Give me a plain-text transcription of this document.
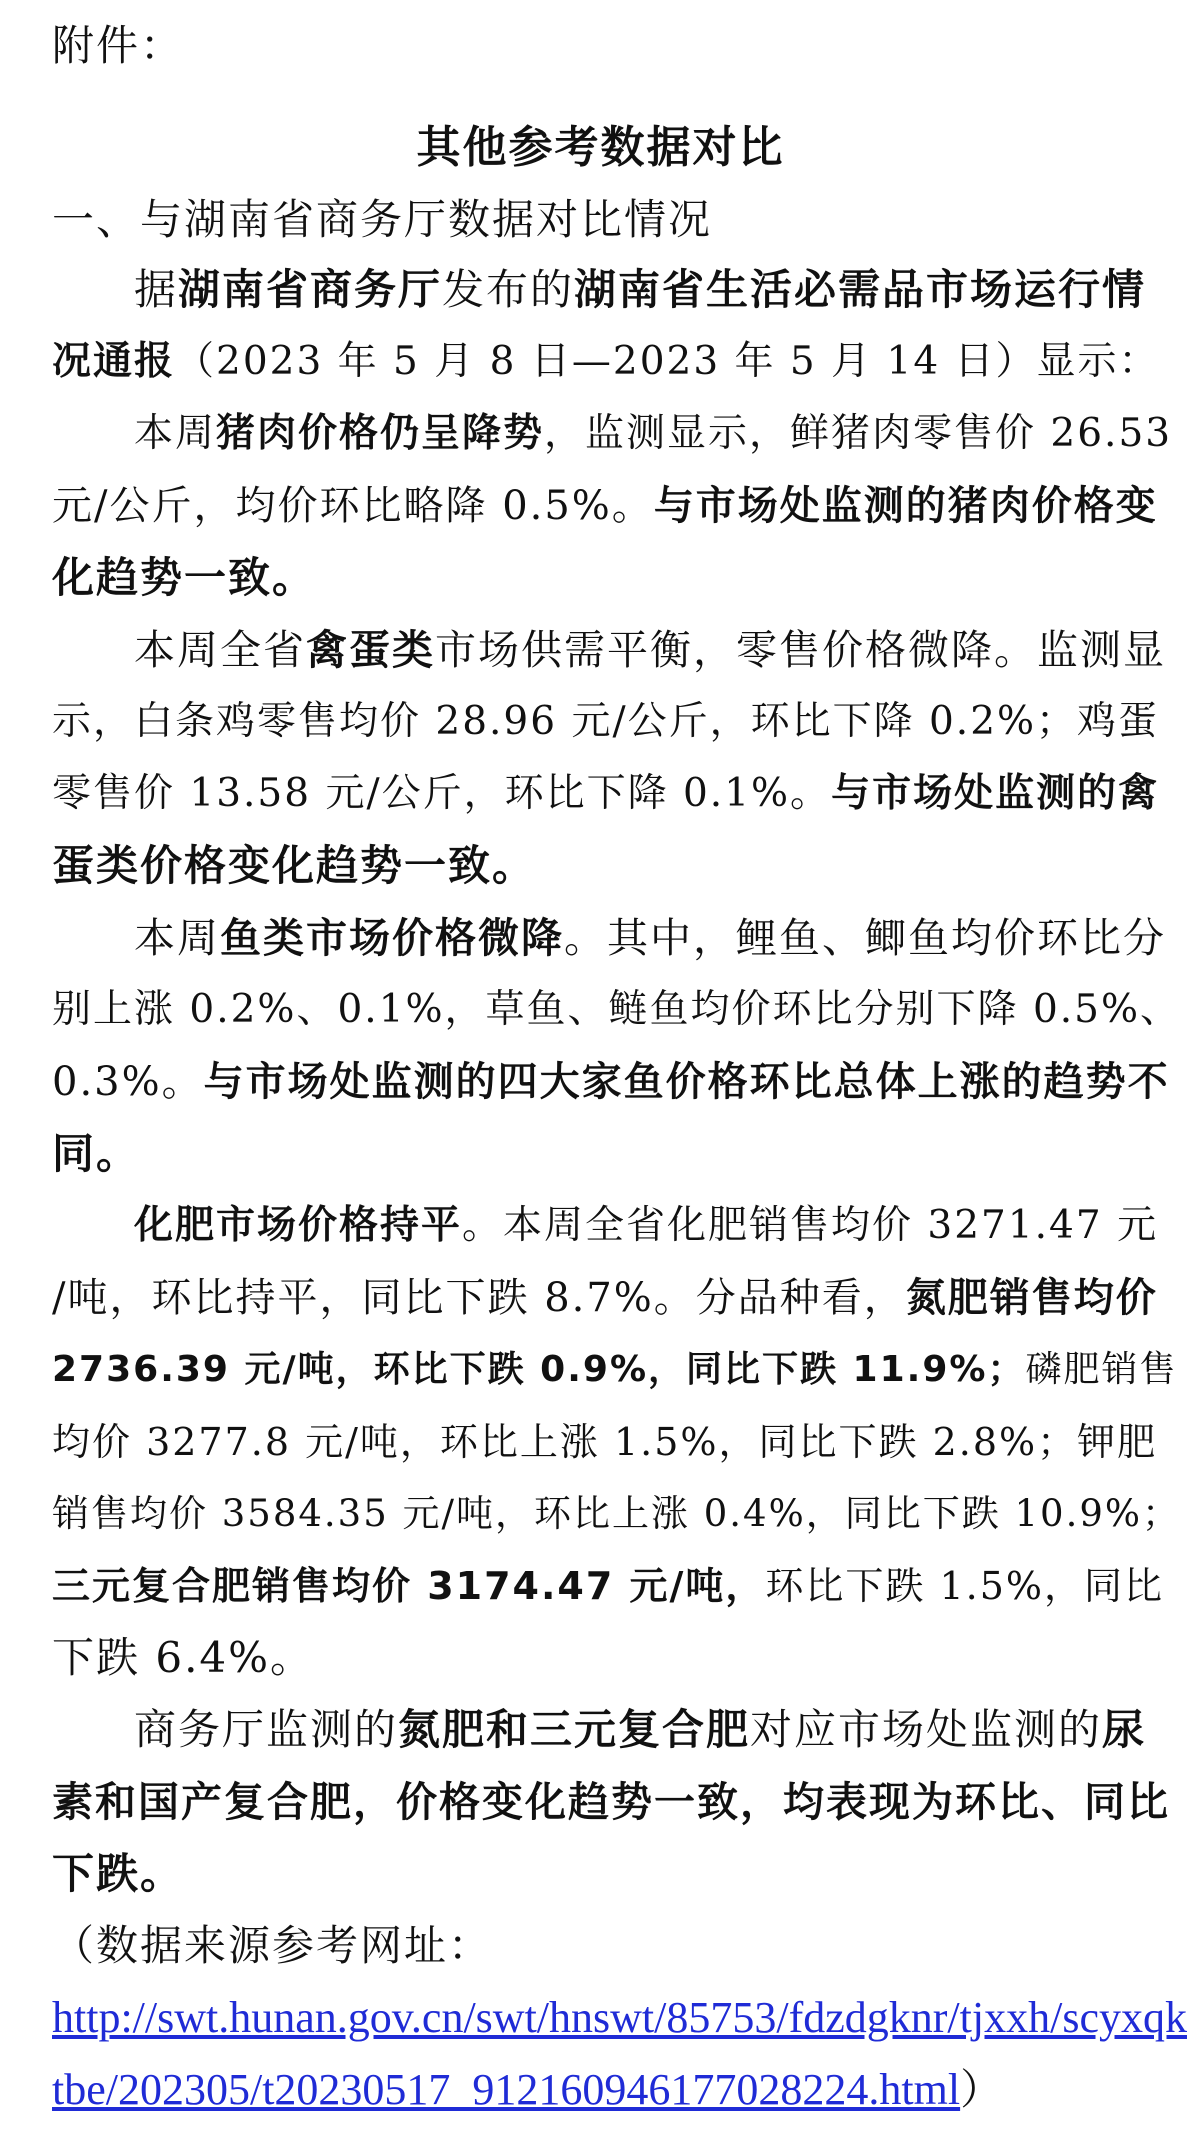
附件：
其他参考数据对比
一、与湖南省商务厅数据对比情况
据湖南省商务厅发布的湖南省生活必需品市场运行情
况通报（2023 年 5 月 8 日—2023 年 5 月 14 日）显示：
本周猪肉价格仍呈降势，监测显示，鲜猪肉零售价 26.53
元/公斤，均价环比略降 0.5%。与市场处监测的猪肉价格变
化趋势一致。
本周全省禽蛋类市场供需平衡，零售价格微降。监测显
示，白条鸡零售均价 28.96 元/公斤，环比下降 0.2%；鸡蛋
零售价 13.58 元/公斤，环比下降 0.1%。与市场处监测的禽
蛋类价格变化趋势一致。
本周鱼类市场价格微降。其中，鲤鱼、鲫鱼均价环比分
别上涨 0.2%、0.1%，草鱼、鲢鱼均价环比分别下降 0.5%、
0.3%。与市场处监测的四大家鱼价格环比总体上涨的趋势不
同。
化肥市场价格持平。本周全省化肥销售均价 3271.47 元
/吨，环比持平，同比下跌 8.7%。分品种看，氮肥销售均价
2736.39 元/吨，环比下跌 0.9%，同比下跌 11.9%；磷肥销售
均价 3277.8 元/吨，环比上涨 1.5%，同比下跌 2.8%；钾肥
销售均价 3584.35 元/吨，环比上涨 0.4%，同比下跌 10.9%；
三元复合肥销售均价 3174.47 元/吨，环比下跌 1.5%，同比
下跌 6.4%。
商务厅监测的氮肥和三元复合肥对应市场处监测的尿
素和国产复合肥，价格变化趋势一致，均表现为环比、同比
下跌。
（数据来源参考网址：
http://swt.hunan.gov.cn/swt/hnswt/85753/fdzdgknr/tjxxh/scyxqk
tbe/202305/t20230517_912160946177028224.html）
